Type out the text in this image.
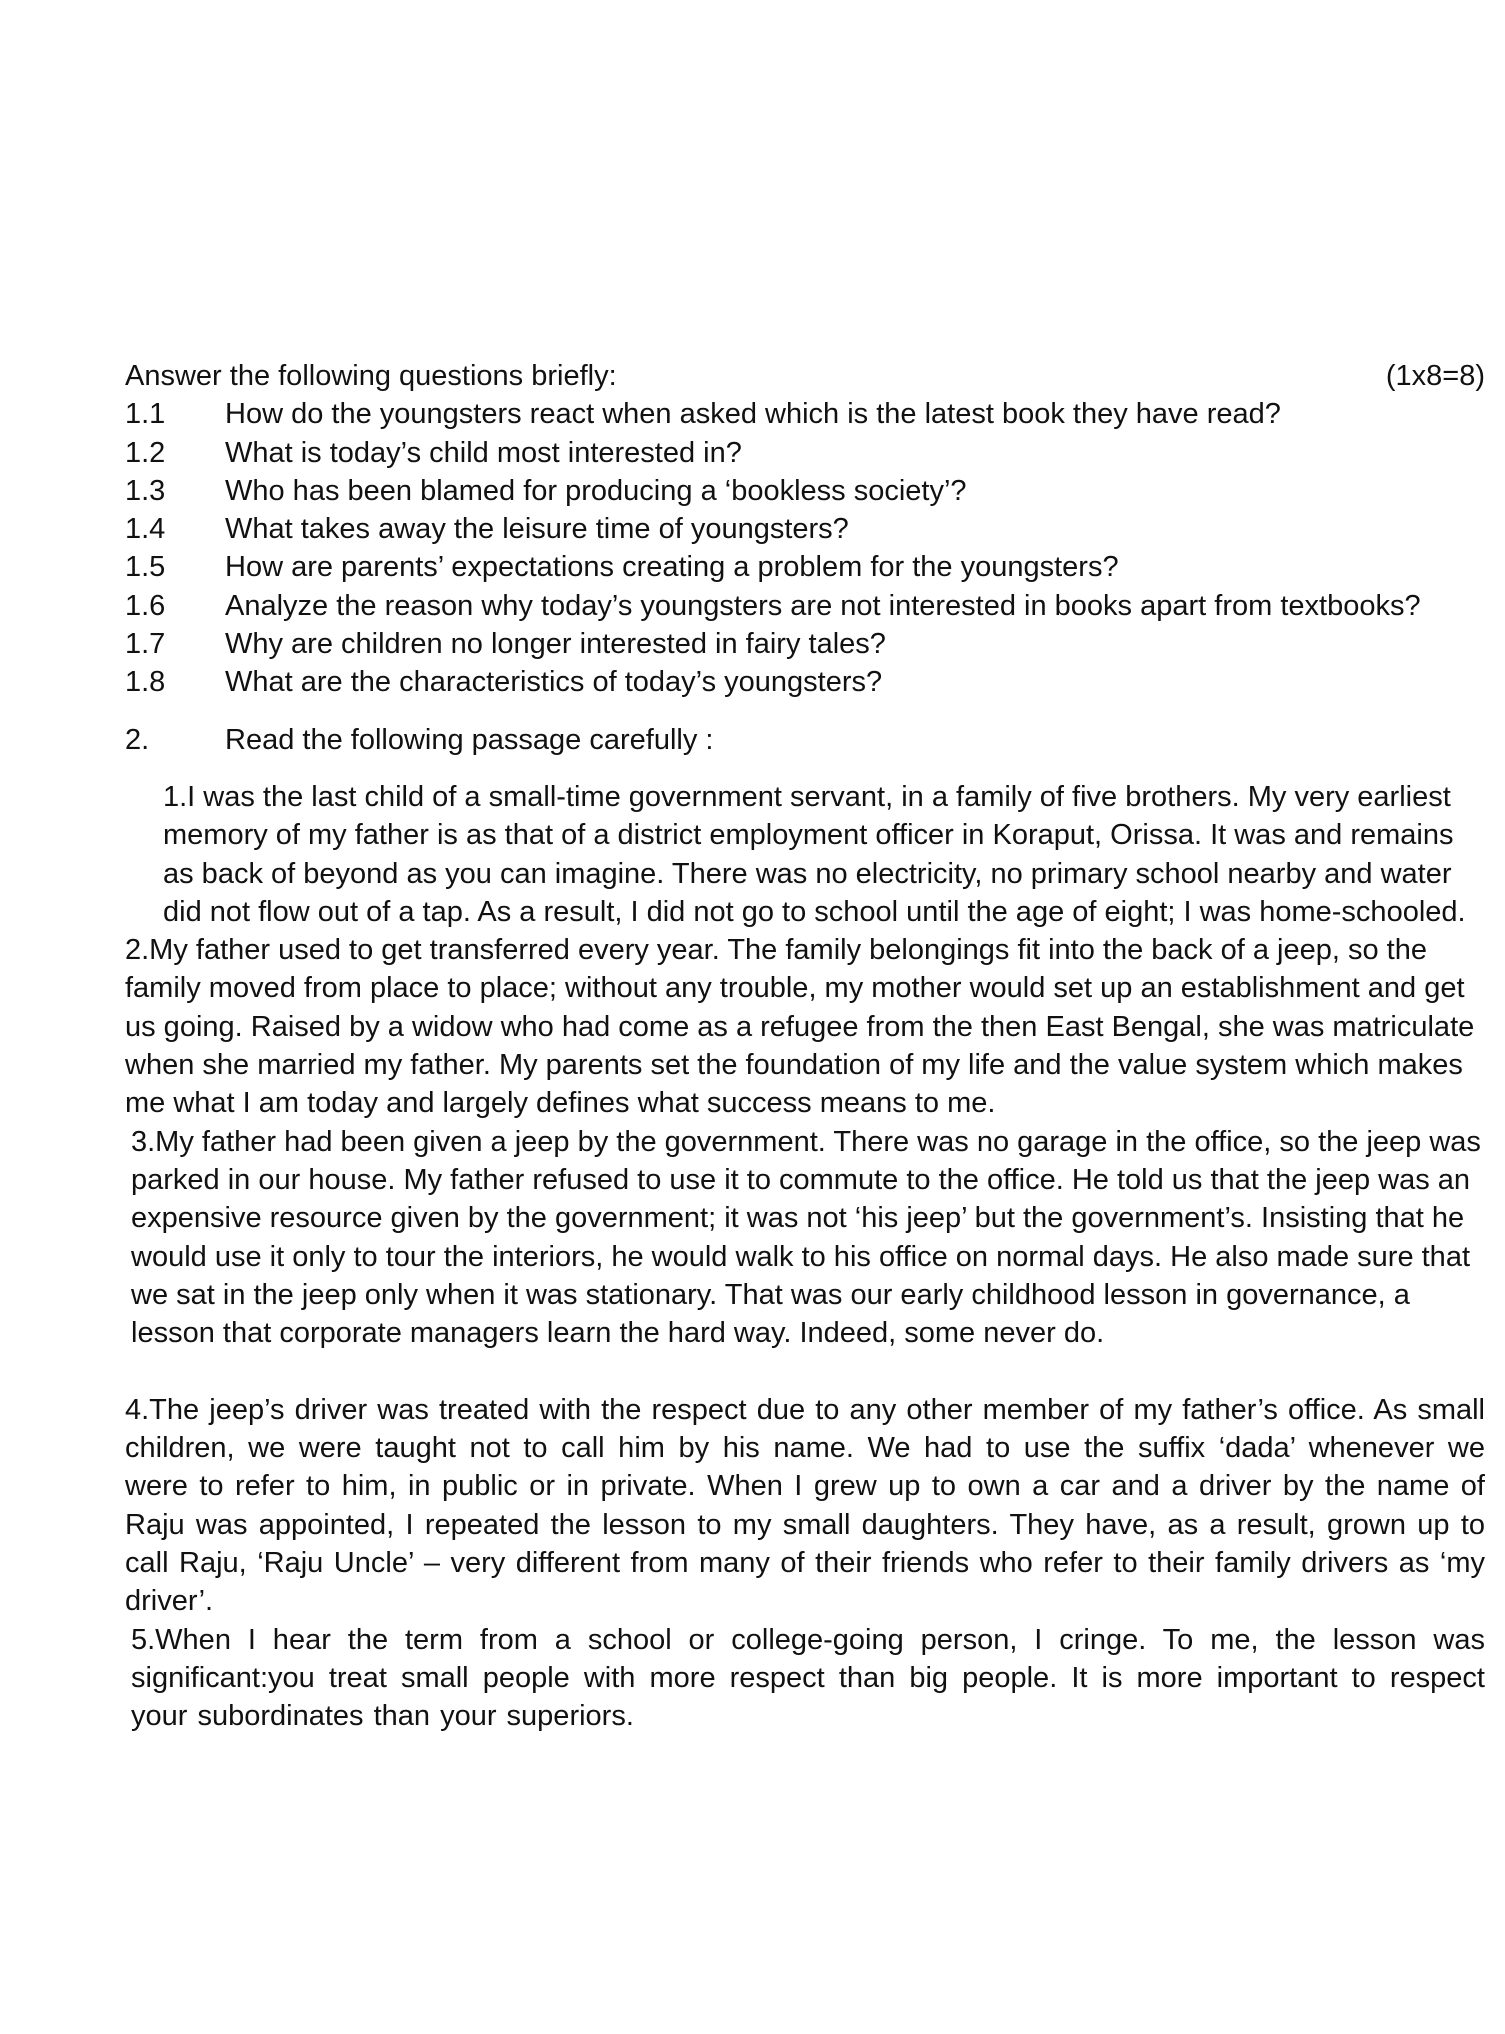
Answer the following questions briefly:	(1x8=8)
1.1 How do the youngsters react when asked which is the latest book they have read?
1.2 What is today’s child most interested in?
1.3 Who has been blamed for producing a ‘bookless society’?
1.4 What takes away the leisure time of youngsters?
1.5 How are parents’ expectations creating a problem for the youngsters?
1.6 Analyze the reason why today’s youngsters are not interested in books apart from textbooks?
1.7 Why are children no longer interested in fairy tales?
1.8 What are the characteristics of today’s youngsters?
2.	Read the following passage carefully :

1.I was the last child of a small-time government servant, in a family of five brothers. My very earliest memory of my father is as that of a district employment officer in Koraput, Orissa. It was and remains as back of beyond as you can imagine. There was no electricity, no primary school nearby and water did not flow out of a tap. As a result, I did not go to school until the age of eight; I was home-schooled.

2.My father used to get transferred every year. The family belongings fit into the back of a jeep, so the family moved from place to place; without any trouble, my mother would set up an establishment and get us going. Raised by a widow who had come as a refugee from the then East Bengal, she was matriculate when she married my father. My parents set the foundation of my life and the value system which makes me what I am today and largely defines what success means to me.

3.My father had been given a jeep by the government. There was no garage in the office, so the jeep was parked in our house. My father refused to use it to commute to the office. He told us that the jeep was an expensive resource given by the government; it was not ‘his jeep’ but the government’s. Insisting that he would use it only to tour the interiors, he would walk to his office on normal days. He also made sure that we sat in the jeep only when it was stationary. That was our early childhood lesson in governance, a lesson that corporate managers learn the hard way. Indeed, some never do.

4.The jeep’s driver was treated with the respect due to any other member of my father’s office. As small children, we were taught not to call him by his name. We had to use the suffix ‘dada’ whenever we were to refer to him, in public or in private. When I grew up to own a car and a driver by the name of Raju was appointed, I repeated the lesson to my small daughters. They have, as a result, grown up to call Raju, ‘Raju Uncle’ – very different from many of their friends who refer to their family drivers as ‘my driver’.

5.When I hear the term from a school or college-going person, I cringe. To me, the lesson was significant:you treat small people with more respect than big people. It is more important to respect your subordinates than your superiors.
